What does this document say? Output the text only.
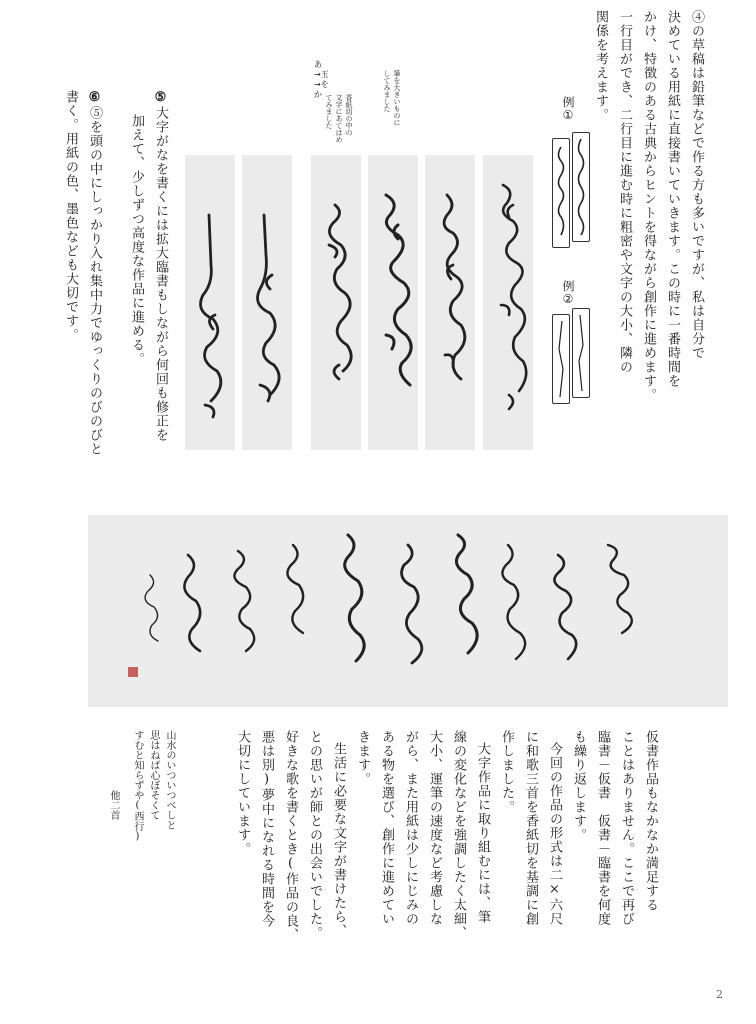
④の草稿は鉛筆などで作る方も多いですが、私は自分で
決めている用紙に直接書いていきます。この時に一番時間を
かけ、特徴のある古典からヒントを得ながら創作に進めます。
一行目ができ、二行目に進む時に粗密や文字の大小、隣の
関係を考えます。
例①
例②
筆を大きいものに
してみました
香紙切の中の
文字にあてはめ
てみました
あ
→玉
→をか
⑤大字がなを書くには拡大臨書もしながら何回も修正を
加えて、少しずつ高度な作品に進める。
⑥⑤を頭の中にしっかり入れ集中力でゆっくりのびのびと
書く。用紙の色、墨色なども大切です。
仮書作品もなかなか満足する
ことはありません。ここで再び
臨書－仮書　仮書－臨書を何度
も繰り返します。
今回の作品の形式は二×六尺
に和歌三首を香紙切を基調に創
作しました。
大字作品に取り組むには、筆
線の変化などを強調したく太細、
大小、運筆の速度など考慮しな
がら、また用紙は少しにじみの
ある物を選び、創作に進めてい
きます。
生活に必要な文字が書けたら、
との思いが師との出会いでした。
好きな歌を書くとき(作品の良、
悪は別)夢中になれる時間を今
大切にしています。
山水のいついつべしと
思はねば心ぼそくて
すむと知らずや(西行)
他二首
2
